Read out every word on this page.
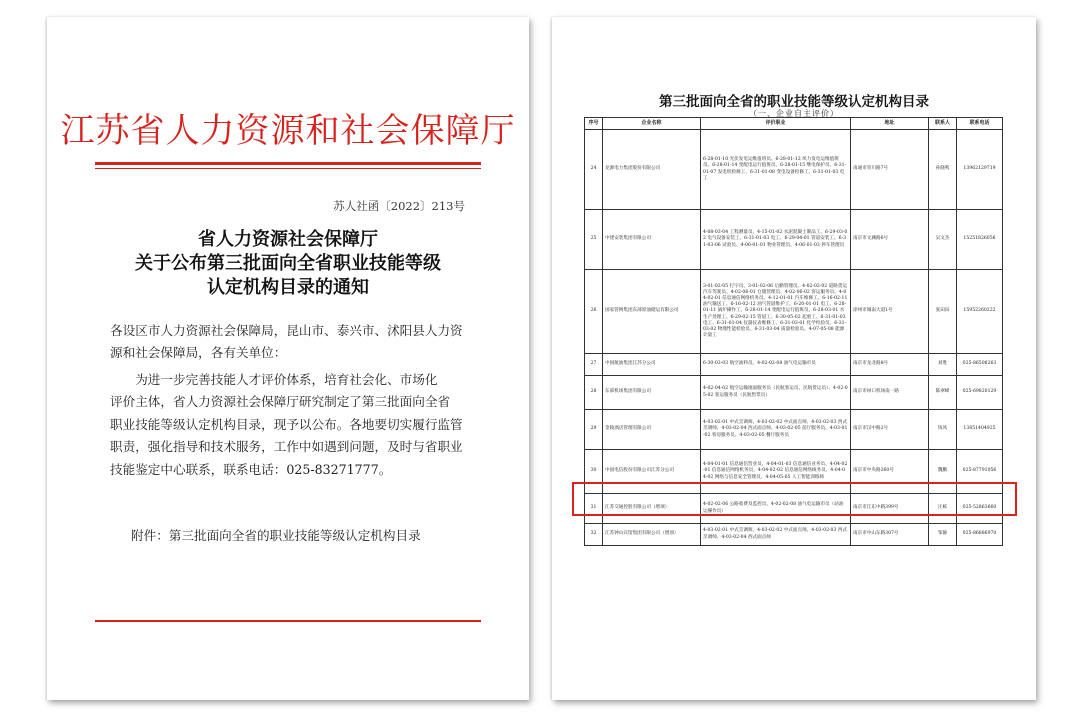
江苏省人力资源和社会保障厅
苏人社函〔2022〕213号
省人力资源社会保障厅
关于公布第三批面向全省职业技能等级
认定机构目录的通知

各设区市人力资源社会保障局，昆山市、泰兴市、沭阳县人力资

源和社会保障局，各有关单位：

为进一步完善技能人才评价体系，培育社会化、市场化

评价主体，省人力资源社会保障厅研究制定了第三批面向全省

职业技能等级认定机构目录，现予以公布。各地要切实履行监管

职责，强化指导和技术服务，工作中如遇到问题，及时与省职业

技能鉴定中心联系，联系电话：025-83271777。

附件：第三批面向全省的职业技能等级认定机构目录
第三批面向全省的职业技能等级认定机构目录
（一、企业自主评价）
序号	企业名称	评价职业	地址	联系人	联系电话
24	龙源电力集团股份有限公司	6-28-01-10 光伏发电运维值班员、6-28-01-12 风力发电运维值班员、6-28-01-14 变配电运行值班员、6-28-01-15 继电保护员、6-31-01-07 发电机检修工、6-31-01-08 变电设备检修工、6-31-01-03 电工	南通市崇川路7号	孙晓鸣	13962129719
25	中建安装集团有限公司	4-08-03-04 工程测量员、4-15-01-02 水泥混凝土制品工、6-29-03-02 电气设备安装工、6-31-01-03 电工、6-29-04-01 管道安装工、6-31-03-06 试验员、4-06-01-01 物业管理员、4-06-01-03 停车管理员	南京市文澜路6号	吴文杰	15251826056
26	国家管网集团东部原油储运有限公司	3-01-02-05 打字员、3-01-02-06 后勤管理员、4-02-02-02 道路货运汽车驾驶员、4-02-06-01 仓储管理员、4-02-06-02 客运服务员、4-04-02-01 信息通信网络机务员、4-12-01-01 汽车维修工、6-16-02-11 油气输送工、6-16-02-12 油气管道维护工、6-20-01-01 电工、6-28-01-11 锅炉操作工、6-28-01-14 变配电运行值班员、6-28-03-01 水生产处理工、6-29-02-15 管道工、6-30-05-02 起重工、6-31-01-03 电工、6-31-01-04 仪器仪表维修工、6-31-03-01 化学检验员、6-31-03-02 物理性能检验员、6-31-03-04 质量检验员、4-07-05-08 能源计量工	徐州市城南大道1号	张田田	15952260222
27	中国航油集团江苏分公司	6-30-03-03 航空油料员、4-02-02-08 油气电运输市员	南京市龙北路8号	刘胜	025-86508263
28	东部机场集团有限公司	4-02-04-02 航空运输地面服务员（民航客运员、民航货运员）、4-02-05-02 客运服务员（民航售票员）	南京市禄口机场南一路	陈翠峰	025-69820129
29	金陵酒店管理有限公司	4-03-02-01 中式烹调师、4-03-02-02 中式面点师、4-03-02-03 西式烹调师、4-03-02-04 西式面点师、4-03-02-05 前厅服务员、4-03-01-02 客房服务员、4-03-02-05 餐厅服务员	南京市汉中路2号	钱凤	13851404925
30	中国电信股份有限公司江苏分公司	4-04-01-01 信息通信营业员、4-04-01-03 信息通信业务员、4-04-02-01 信息通信网络机务员、4-04-02-02 信息通信网络线务员、4-04-04-02 网络与信息安全管理员、4-04-05-05 人工智能训练师	南京市中央路260号	魏鹏	025-87791056
31	江苏交通控股有限公司（增项）	4-02-02-06 公路收费及监控员、4-02-02-08 油气电运输市员（站油运操作员）	南京市江东中路399号	汪栋	025-52863660
32	江苏钟山宾馆集团有限公司（增项）	4-03-02-01 中式烹调师、4-03-02-02 中式面点师、4-03-02-03 西式烹调师、4-03-02-04 西式面点师	南京市中山东路307号	邹静	025-86886970
